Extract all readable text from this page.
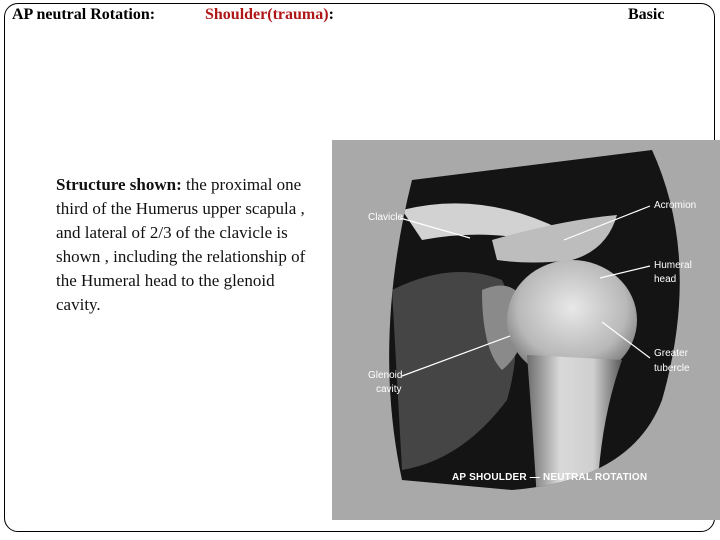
AP neutral Rotation:	Shoulder(trauma):	Basic
Structure shown: the proximal one third of the Humerus upper scapula , and lateral of 2/3 of the clavicle is shown , including the relationship of the Humeral head to the glenoid cavity.
Clavicle
Acromion
Humeral
head
Greater
tubercle
Glenoid
cavity
AP SHOULDER — NEUTRAL ROTATION
